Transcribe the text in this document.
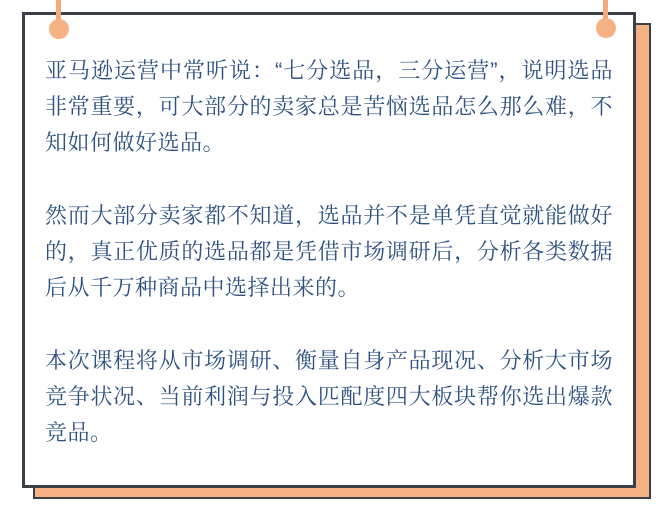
亚马逊运营中常听说：“七分选品，三分运营”，说明选品非常重要，可大部分的卖家总是苦恼选品怎么那么难，不知如何做好选品。

然而大部分卖家都不知道，选品并不是单凭直觉就能做好的，真正优质的选品都是凭借市场调研后，分析各类数据后从千万种商品中选择出来的。

本次课程将从市场调研、衡量自身产品现况、分析大市场竞争状况、当前利润与投入匹配度四大板块帮你选出爆款竞品。
